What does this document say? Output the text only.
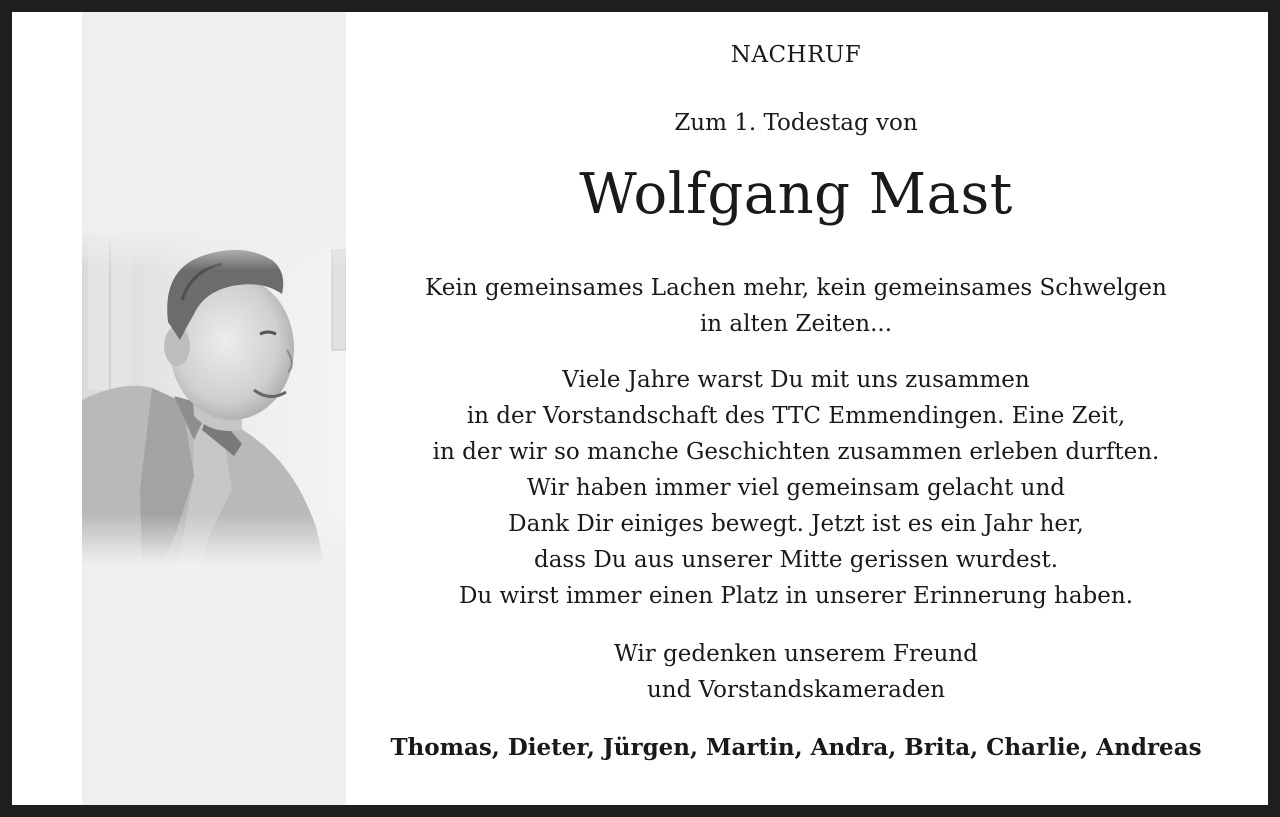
NACHRUF
Zum 1. Todestag von
Wolfgang Mast
Kein gemeinsames Lachen mehr, kein gemeinsames Schwelgen
in alten Zeiten...
Viele Jahre warst Du mit uns zusammen
in der Vorstandschaft des TTC Emmendingen. Eine Zeit,
in der wir so manche Geschichten zusammen erleben durften.
Wir haben immer viel gemeinsam gelacht und
Dank Dir einiges bewegt. Jetzt ist es ein Jahr her,
dass Du aus unserer Mitte gerissen wurdest.
Du wirst immer einen Platz in unserer Erinnerung haben.
Wir gedenken unserem Freund
und Vorstandskameraden
Thomas, Dieter, Jürgen, Martin, Andra, Brita, Charlie, Andreas
